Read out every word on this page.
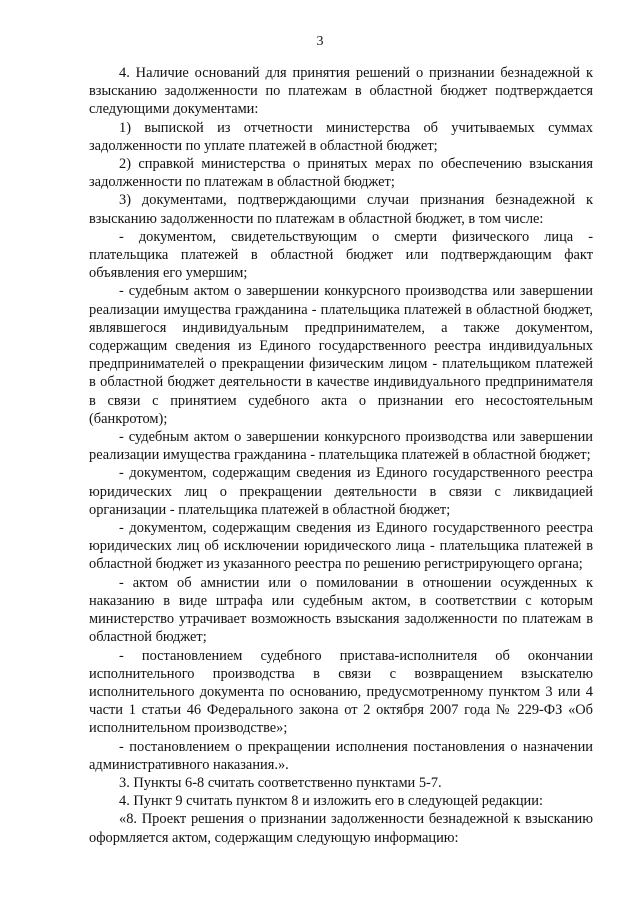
3

4. Наличие оснований для принятия решений о признании безнадежной к взысканию задолженности по платежам в областной бюджет подтверждается следующими документами:

1) выпиской из отчетности министерства об учитываемых суммах задолженности по уплате платежей в областной бюджет;

2) справкой министерства о принятых мерах по обеспечению взыскания задолженности по платежам в областной бюджет;

3) документами, подтверждающими случаи признания безнадежной к взысканию задолженности по платежам в областной бюджет, в том числе:

- документом, свидетельствующим о смерти физического лица - плательщика платежей в областной бюджет или подтверждающим факт объявления его умершим;

- судебным актом о завершении конкурсного производства или завершении реализации имущества гражданина - плательщика платежей в областной бюджет, являвшегося индивидуальным предпринимателем, а также документом, содержащим сведения из Единого государственного реестра индивидуальных предпринимателей о прекращении физическим лицом - плательщиком платежей в областной бюджет деятельности в качестве индивидуального предпринимателя в связи с принятием судебного акта о признании его несостоятельным (банкротом);

- судебным актом о завершении конкурсного производства или завершении реализации имущества гражданина - плательщика платежей в областной бюджет;

- документом, содержащим сведения из Единого государственного реестра юридических лиц о прекращении деятельности в связи с ликвидацией организации - плательщика платежей в областной бюджет;

- документом, содержащим сведения из Единого государственного реестра юридических лиц об исключении юридического лица - плательщика платежей в областной бюджет из указанного реестра по решению регистрирующего органа;

- актом об амнистии или о помиловании в отношении осужденных к наказанию в виде штрафа или судебным актом, в соответствии с которым министерство утрачивает возможность взыскания задолженности по платежам в областной бюджет;

- постановлением судебного пристава-исполнителя об окончании исполнительного производства в связи с возвращением взыскателю исполнительного документа по основанию, предусмотренному пунктом 3 или 4 части 1 статьи 46 Федерального закона от 2 октября 2007 года № 229-ФЗ «Об исполнительном производстве»;

- постановлением о прекращении исполнения постановления о назначении административного наказания.».

3. Пункты 6-8 считать соответственно пунктами 5-7.

4. Пункт 9 считать пунктом 8 и изложить его в следующей редакции:

«8. Проект решения о признании задолженности безнадежной к взысканию оформляется актом, содержащим следующую информацию:
